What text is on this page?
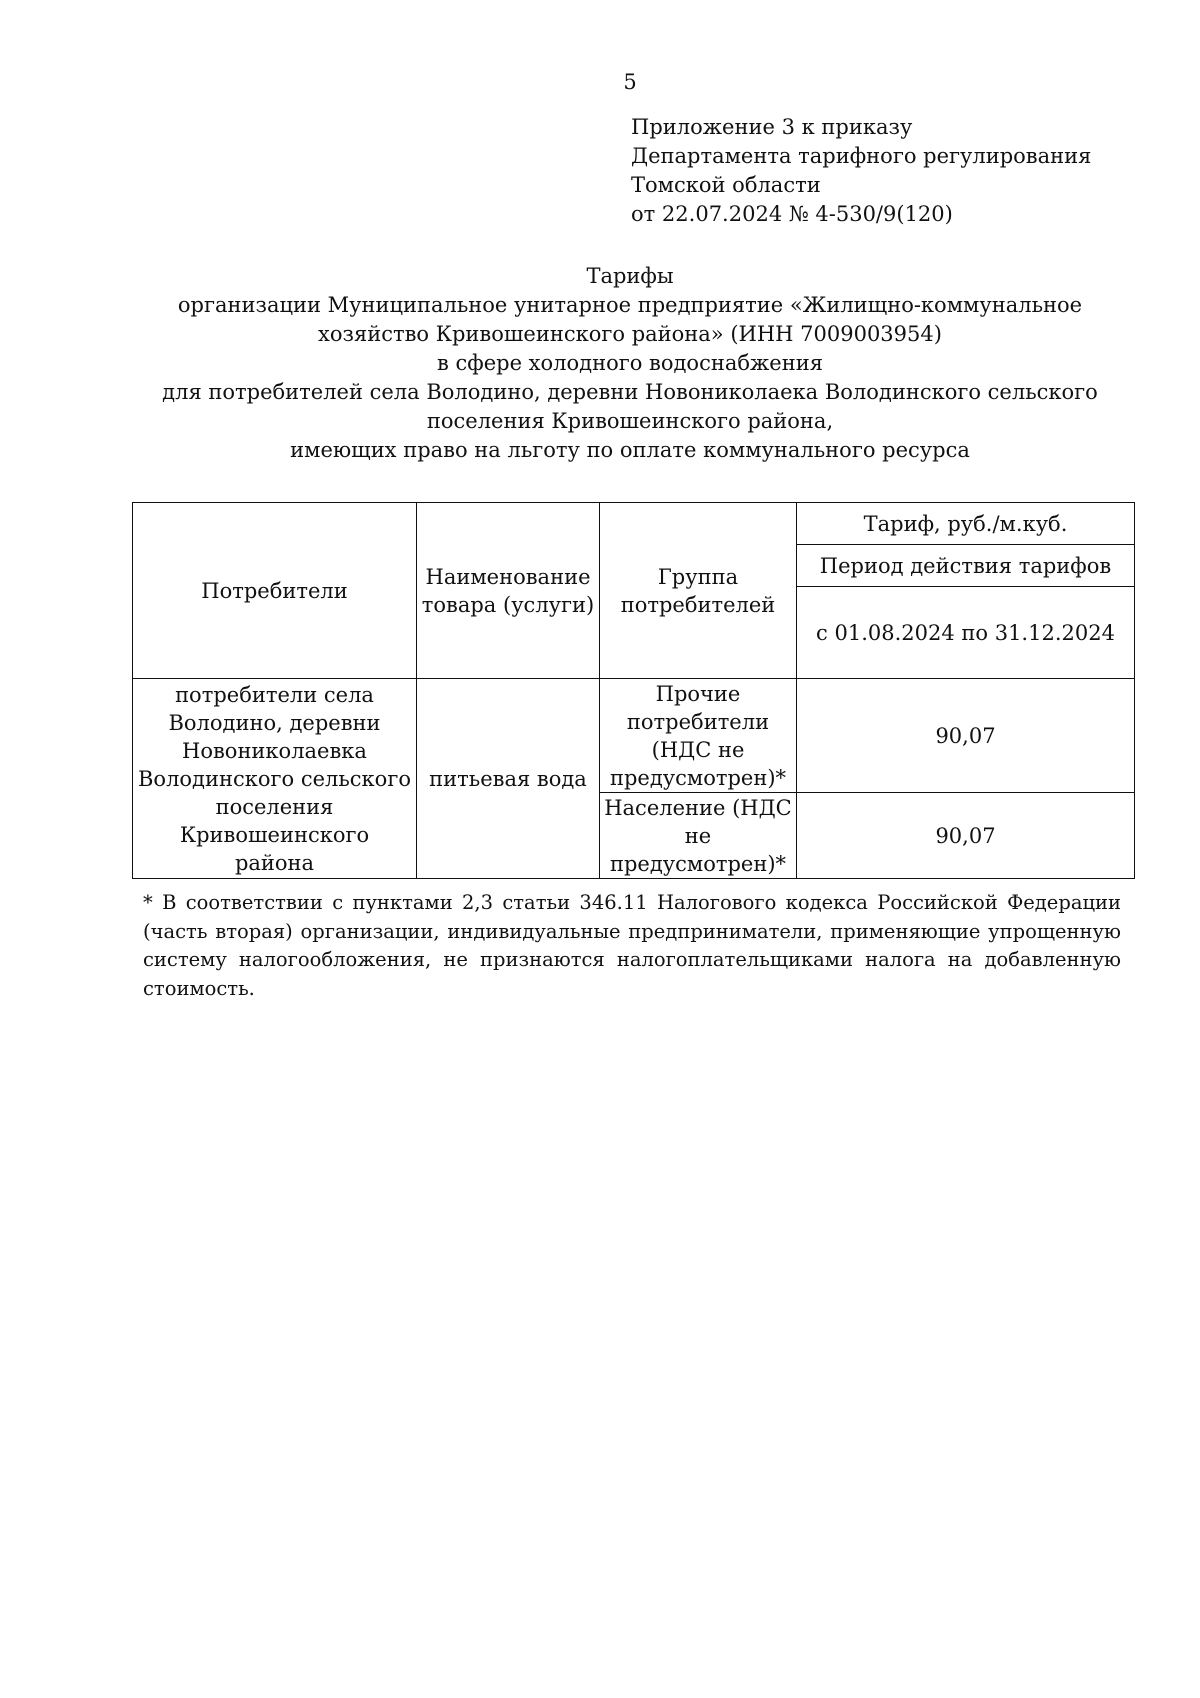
5
Приложение 3 к приказу
Департамента тарифного регулирования
Томской области
от 22.07.2024 № 4-530/9(120)
Тарифы
организации Муниципальное унитарное предприятие «Жилищно-коммунальное
хозяйство Кривошеинского района» (ИНН 7009003954)
в сфере холодного водоснабжения
для потребителей села Володино, деревни Новониколаека Володинского сельского
поселения Кривошеинского района,
имеющих право на льготу по оплате коммунального ресурса
Потребители	Наименование товара (услуги)	Группа потребителей	Тариф, руб./м.куб.
			Период действия тарифов
			с 01.08.2024 по 31.12.2024
потребители села Володино, деревни Новониколаевка Володинского сельского поселения Кривошеинского района	питьевая вода	Прочие потребители (НДС не предусмотрен)*	90,07
		Население (НДС не предусмотрен)*	90,07
* В соответствии с пунктами 2,3 статьи 346.11 Налогового кодекса Российской Федерации
(часть вторая) организации, индивидуальные предприниматели, применяющие упрощенную
систему налогообложения, не признаются налогоплательщиками налога на добавленную
стоимость.
